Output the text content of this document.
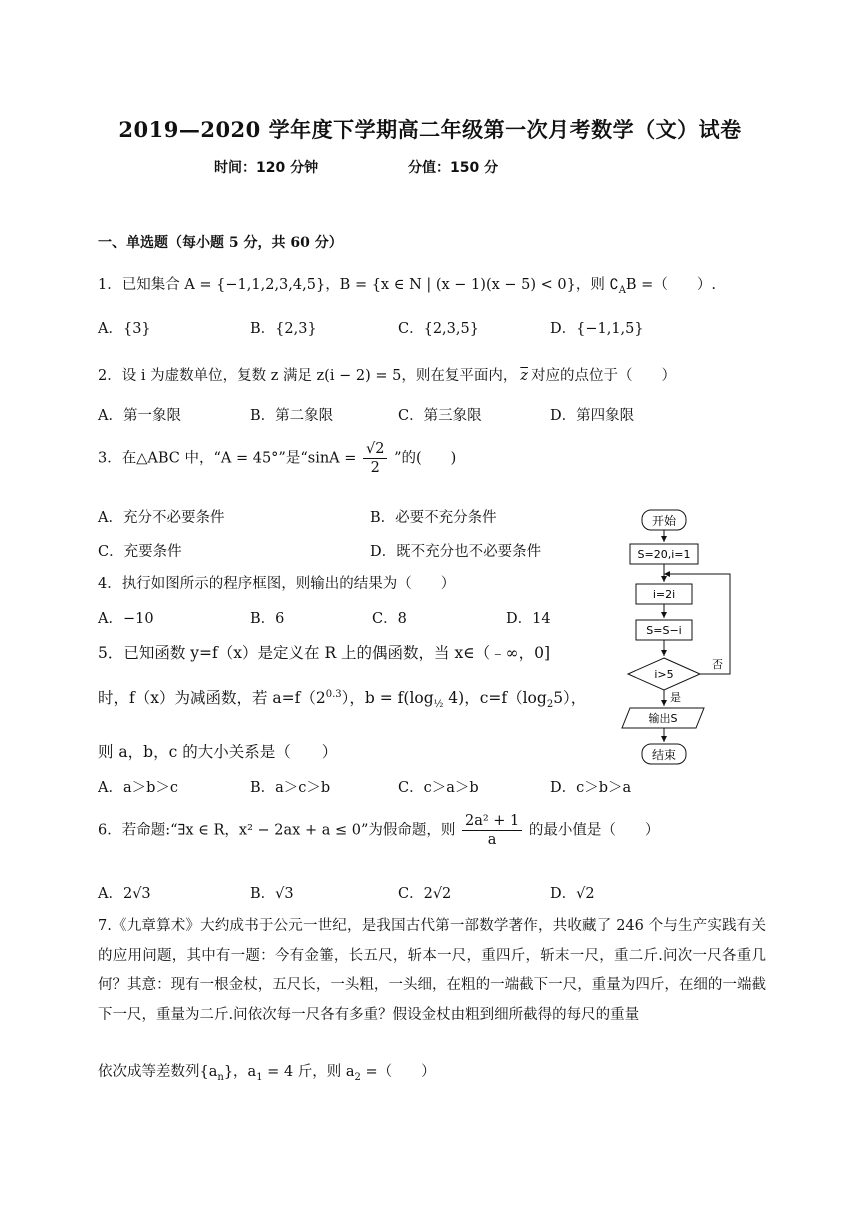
2019—2020 学年度下学期高二年级第一次月考数学（文）试卷
时间：120 分钟	分值：150 分
一、单选题（每小题 5 分，共 60 分）
1．已知集合 A = {−1,1,2,3,4,5}，B = {x ∈ N | (x − 1)(x − 5) < 0}，则 $∁_AB$ =（　　）.
A．{3}	B．{2,3}	C．{2,3,5}	D．{−1,1,5}
2．设 i 为虚数单位，复数 z 满足 z(i − 2) = 5，则在复平面内， $\overline{z}$ 对应的点位于（　　）
A．第一象限	B．第二象限	C．第三象限	D．第四象限
3．在△ABC 中，“A = 45°”是“$\sin A = \frac{√2}{2}$ ”的(　　)
A．充分不必要条件	B．必要不充分条件
C．充要条件	D．既不充分也不必要条件
4．执行如图所示的程序框图，则输出的结果为（　　）
A．−10	B．6	C．8	D．14
5．已知函数 y=f（x）是定义在 R 上的偶函数，当 x∈（﹣∞，0]
时，f（x）为减函数，若 $a=f(2^{0.3})$，$b = f(\log_{\frac{1}{2}}$ 4)，$c=f(\log_25)$，
则 a，b，c 的大小关系是（　　）
A．a＞b＞c	B．a＞c＞b	C．c＞a＞b	D．c＞b＞a
6．若命题:“∃x ∈ R，x² − 2ax + a ≤ 0”为假命题，则 $\frac{\text{2a² + 1}}{a}$ 的最小值是（　　）
A．2√3	B．√3	C．2√2	D．√2
7.《九章算术》大约成书于公元一世纪，是我国古代第一部数学著作，共收藏了 246 个与生产实践有关的应用问题，其中有一题：今有金箠，长五尺，斩本一尺，重四斤，斩末一尺，重二斤.问次一尺各重几何？其意：现有一根金杖，五尺长，一头粗，一头细，在粗的一端截下一尺，重量为四斤，在细的一端截下一尺，重量为二斤.问依次每一尺各有多重？假设金杖由粗到细所截得的每尺的重量
依次成等差数列$\{a_n\}$，$a_1 = 4$ 斤，则 $a_2$ =（　　）
开始
S=20,i=1
i=2i
S=S−i
i>5
否
是
输出S
结束
